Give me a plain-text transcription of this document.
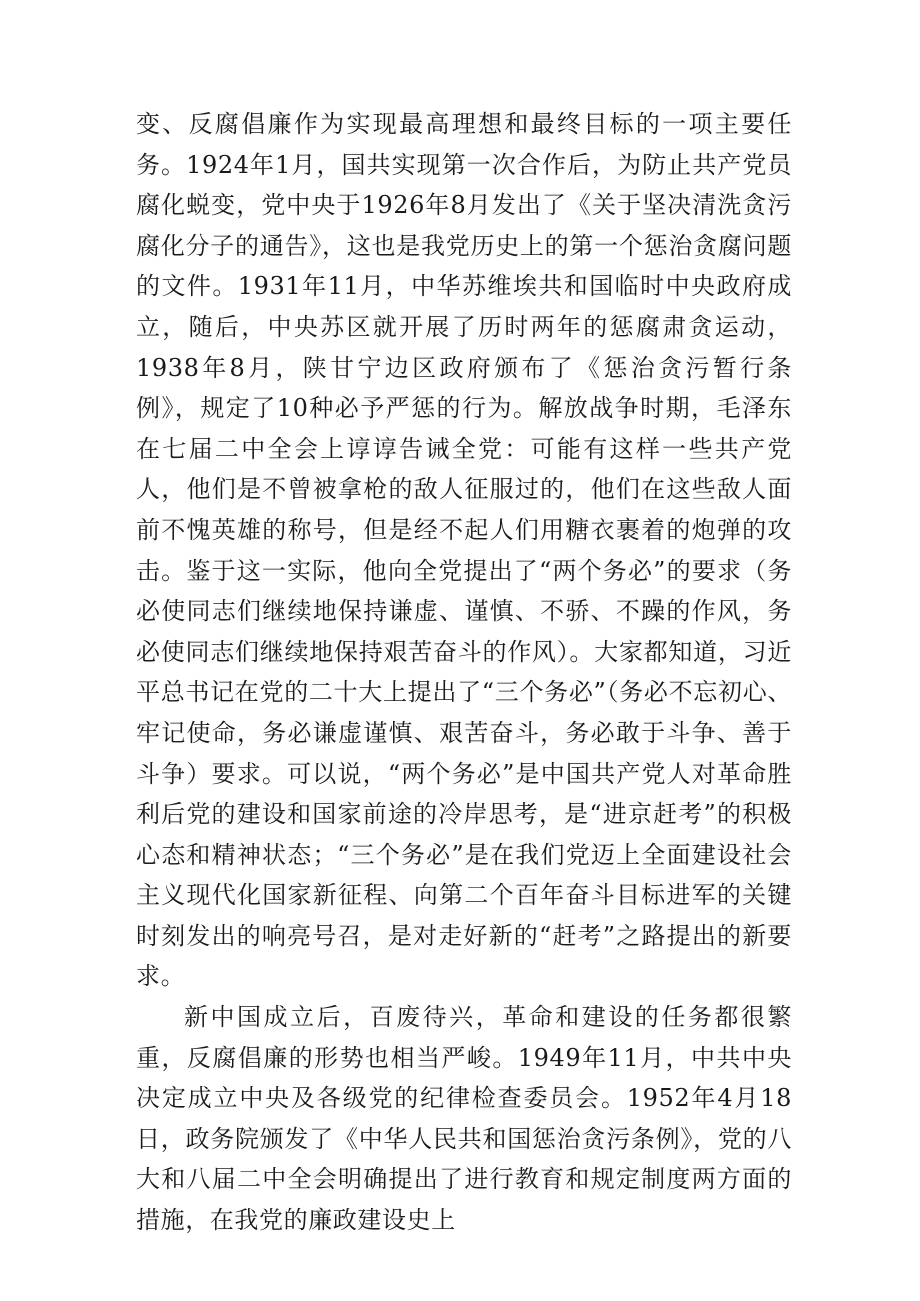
变、反腐倡廉作为实现最高理想和最终目标的一项主要任务。1924年1月，国共实现第一次合作后，为防止共产党员腐化蜕变，党中央于1926年8月发出了《关于坚决清洗贪污腐化分子的通告》，这也是我党历史上的第一个惩治贪腐问题的文件。1931年11月，中华苏维埃共和国临时中央政府成立，随后，中央苏区就开展了历时两年的惩腐肃贪运动，1938年8月，陕甘宁边区政府颁布了《惩治贪污暂行条例》，规定了10种必予严惩的行为。解放战争时期，毛泽东在七届二中全会上谆谆告诫全党：可能有这样一些共产党人，他们是不曾被拿枪的敌人征服过的，他们在这些敌人面前不愧英雄的称号，但是经不起人们用糖衣裹着的炮弹的攻击。鉴于这一实际，他向全党提出了“两个务必”的要求（务必使同志们继续地保持谦虚、谨慎、不骄、不躁的作风，务必使同志们继续地保持艰苦奋斗的作风）。大家都知道，习近平总书记在党的二十大上提出了“三个务必”（务必不忘初心、牢记使命，务必谦虚谨慎、艰苦奋斗，务必敢于斗争、善于斗争）要求。可以说，“两个务必”是中国共产党人对革命胜利后党的建设和国家前途的冷岸思考，是“进京赶考”的积极心态和精神状态；“三个务必”是在我们党迈上全面建设社会主义现代化国家新征程、向第二个百年奋斗目标进军的关键时刻发出的响亮号召，是对走好新的“赶考”之路提出的新要求。

新中国成立后，百废待兴，革命和建设的任务都很繁重，反腐倡廉的形势也相当严峻。1949年11月，中共中央决定成立中央及各级党的纪律检查委员会。1952年4月18日，政务院颁发了《中华人民共和国惩治贪污条例》，党的八大和八届二中全会明确提出了进行教育和规定制度两方面的措施，在我党的廉政建设史上
